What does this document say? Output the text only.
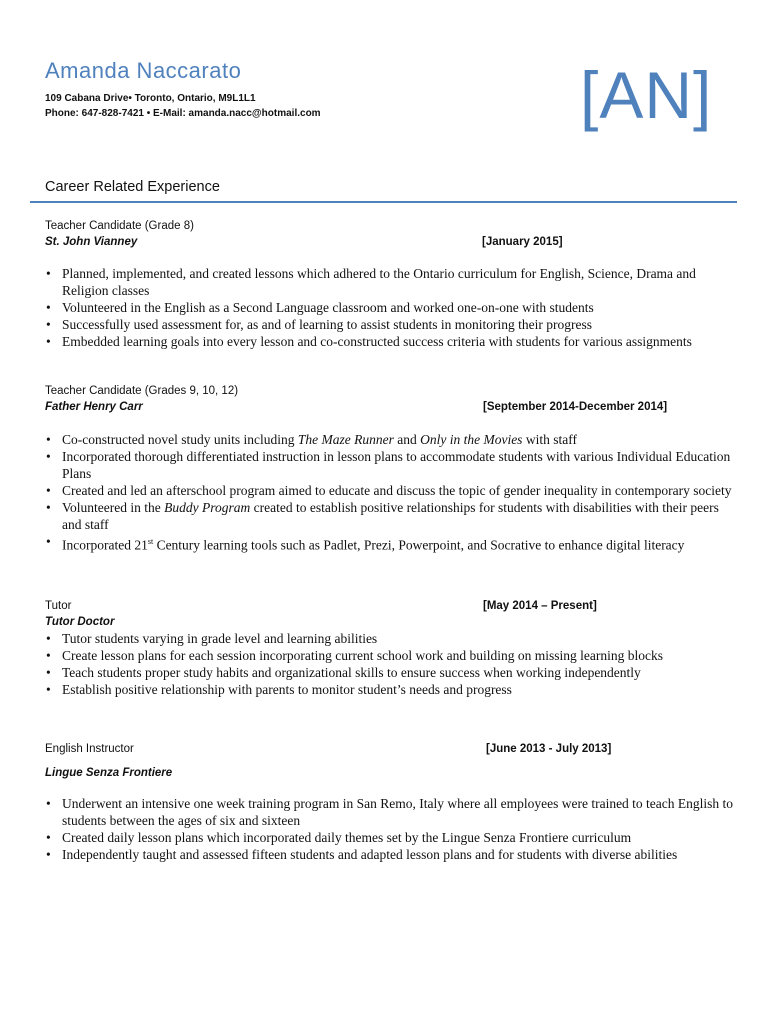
Amanda Naccarato
109 Cabana Drive• Toronto, Ontario, M9L1L1
Phone: 647-828-7421 • E-Mail: amanda.nacc@hotmail.com	[AN]
Career Related Experience
Teacher Candidate (Grade 8)
St. John Vianney	[January 2015]
• Planned, implemented, and created lessons which adhered to the Ontario curriculum for English, Science, Drama and Religion classes
• Volunteered in the English as a Second Language classroom and worked one-on-one with students
• Successfully used assessment for, as and of learning to assist students in monitoring their progress
• Embedded learning goals into every lesson and co-constructed success criteria with students for various assignments
Teacher Candidate (Grades 9, 10, 12)
Father Henry Carr	[September 2014-December 2014]
• Co-constructed novel study units including The Maze Runner and Only in the Movies with staff
• Incorporated thorough differentiated instruction in lesson plans to accommodate students with various Individual Education Plans
• Created and led an afterschool program aimed to educate and discuss the topic of gender inequality in contemporary society
• Volunteered in the Buddy Program created to establish positive relationships for students with disabilities with their peers and staff
• Incorporated 21st Century learning tools such as Padlet, Prezi, Powerpoint, and Socrative to enhance digital literacy
Tutor
Tutor Doctor
[May 2014 – Present]
• Tutor students varying in grade level and learning abilities
• Create lesson plans for each session incorporating current school work and building on missing learning blocks
• Teach students proper study habits and organizational skills to ensure success when working independently
• Establish positive relationship with parents to monitor student’s needs and progress
English Instructor	[June 2013 - July 2013]
Lingue Senza Frontiere
• Underwent an intensive one week training program in San Remo, Italy where all employees were trained to teach English to students between the ages of six and sixteen
• Created daily lesson plans which incorporated daily themes set by the Lingue Senza Frontiere curriculum
• Independently taught and assessed fifteen students and adapted lesson plans and for students with diverse abilities
